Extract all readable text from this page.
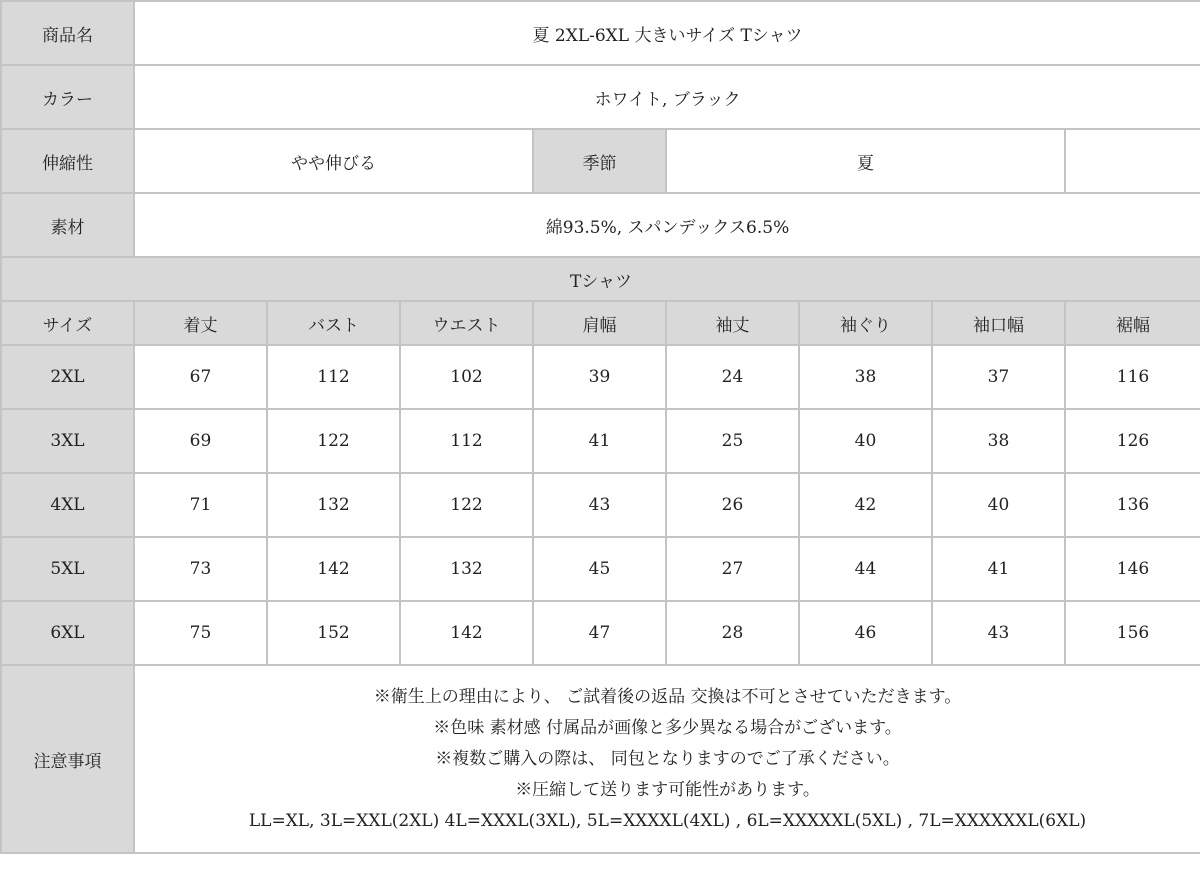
商品名	夏 2XL-6XL 大きいサイズ Tシャツ							
カラー	ホワイト, ブラック							
伸縮性	やや伸びる			季節	夏			
素材	綿93.5%, スパンデックス6.5%							
Tシャツ								
サイズ	着丈	バスト	ウエスト	肩幅	袖丈	袖ぐり	袖口幅	裾幅
2XL	67	112	102	39	24	38	37	116
3XL	69	122	112	41	25	40	38	126
4XL	71	132	122	43	26	42	40	136
5XL	73	142	132	45	27	44	41	146
6XL	75	152	142	47	28	46	43	156
注意事項	※衛生上の理由により、 ご試着後の返品 交換は不可とさせていただきます。

※色味 素材感 付属品が画像と多少異なる場合がございます。

※複数ご購入の際は、 同包となりますのでご了承ください。

※圧縮して送ります可能性があります。

LL=XL, 3L=XXL(2XL) 4L=XXXL(3XL), 5L=XXXXL(4XL) , 6L=XXXXXL(5XL) , 7L=XXXXXXL(6XL)							
